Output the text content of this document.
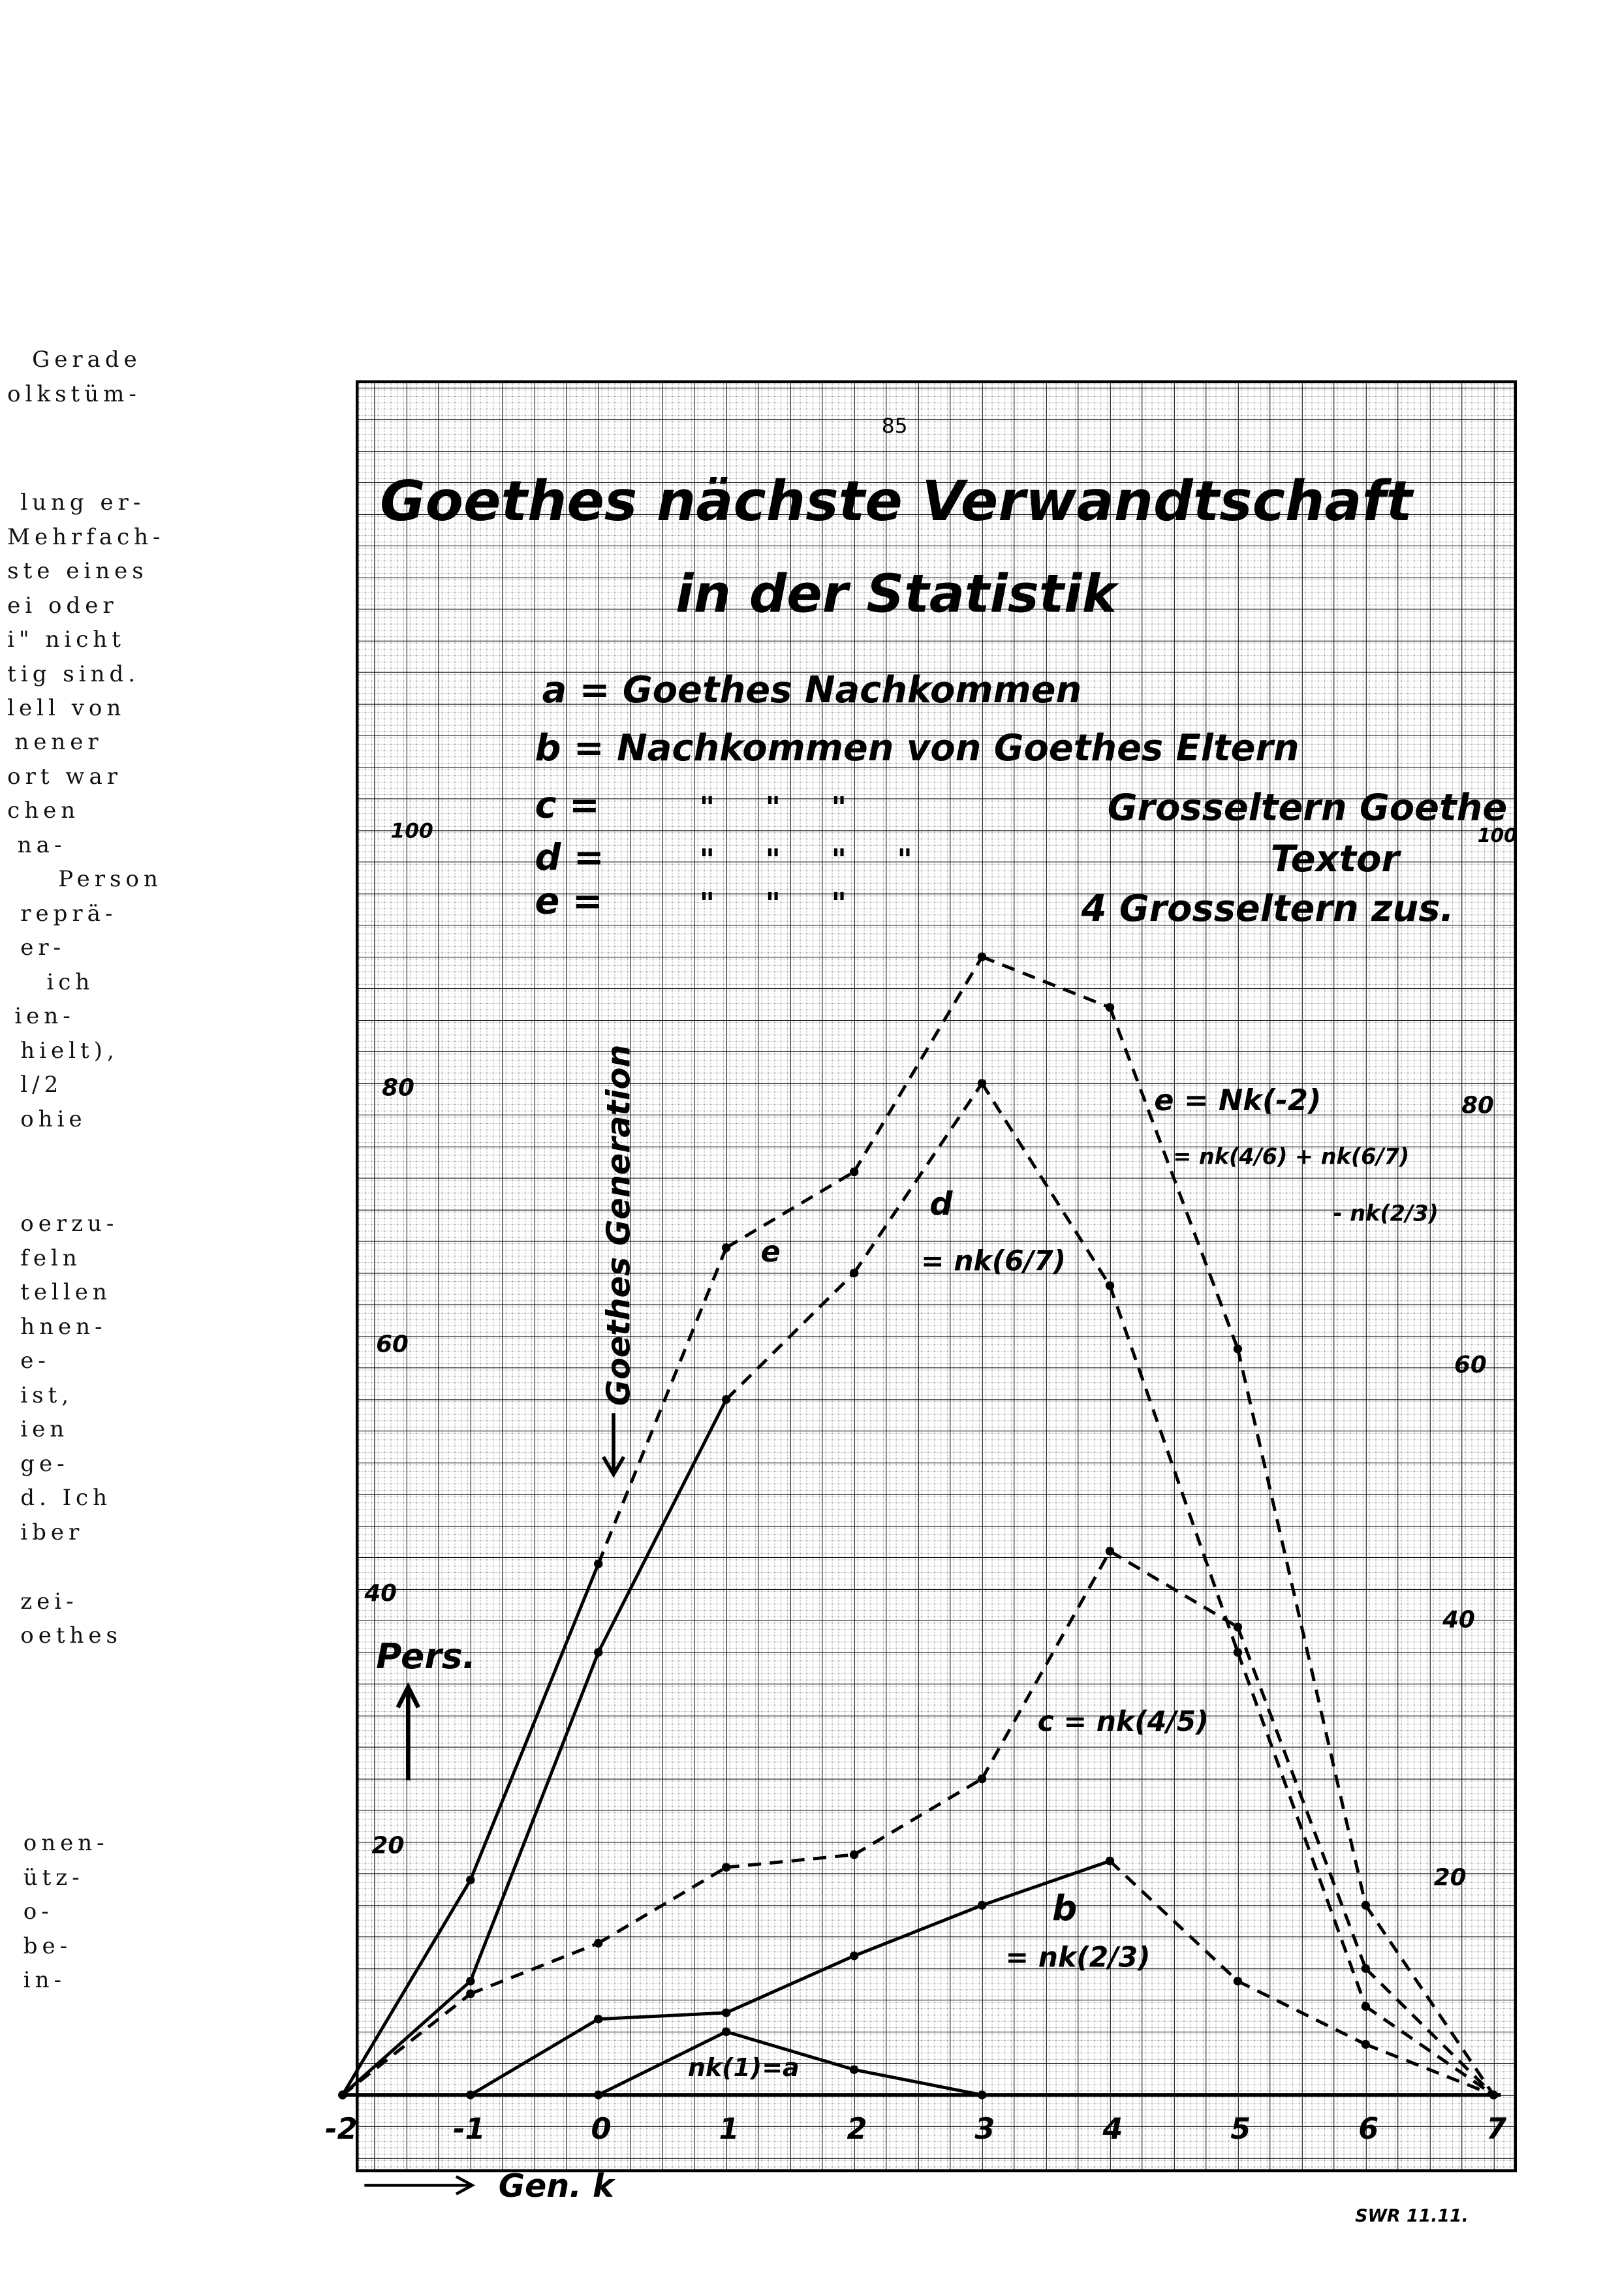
Gerade
olkstüm-
lung er-
Mehrfach-
ste eines
ei oder
i" nicht
tig sind.
lell von
nener
ort war
chen
na-
Person
reprä-
er-
ich
ien-
hielt),
l/2
ohie
oerzu-
feln
tellen
hnen-
e-
ist,
ien
ge-
d. Ich
iber
zei-
oethes
onen-
ütz-
o-
be-
in-
85
Goethes nächste Verwandtschaft
in der Statistik
a = Goethes Nachkommen
b = Nachkommen von Goethes Eltern
c =	"     "     "	Grosseltern Goethe
d =	"     "     "     "	Textor
e =	"     "     "	4 Grosseltern zus.
20
40
60
80
100
20
40
60
80
100
-2	-1	0	1	2	3	4	5	6	7
Goethes Generation
Pers.
Gen. k
nk(1)=a
b
= nk(2/3)
c = nk(4/5)
d
= nk(6/7)
e
e = Nk(-2)
= nk(4/6) + nk(6/7)
- nk(2/3)
SWR 11.11.
